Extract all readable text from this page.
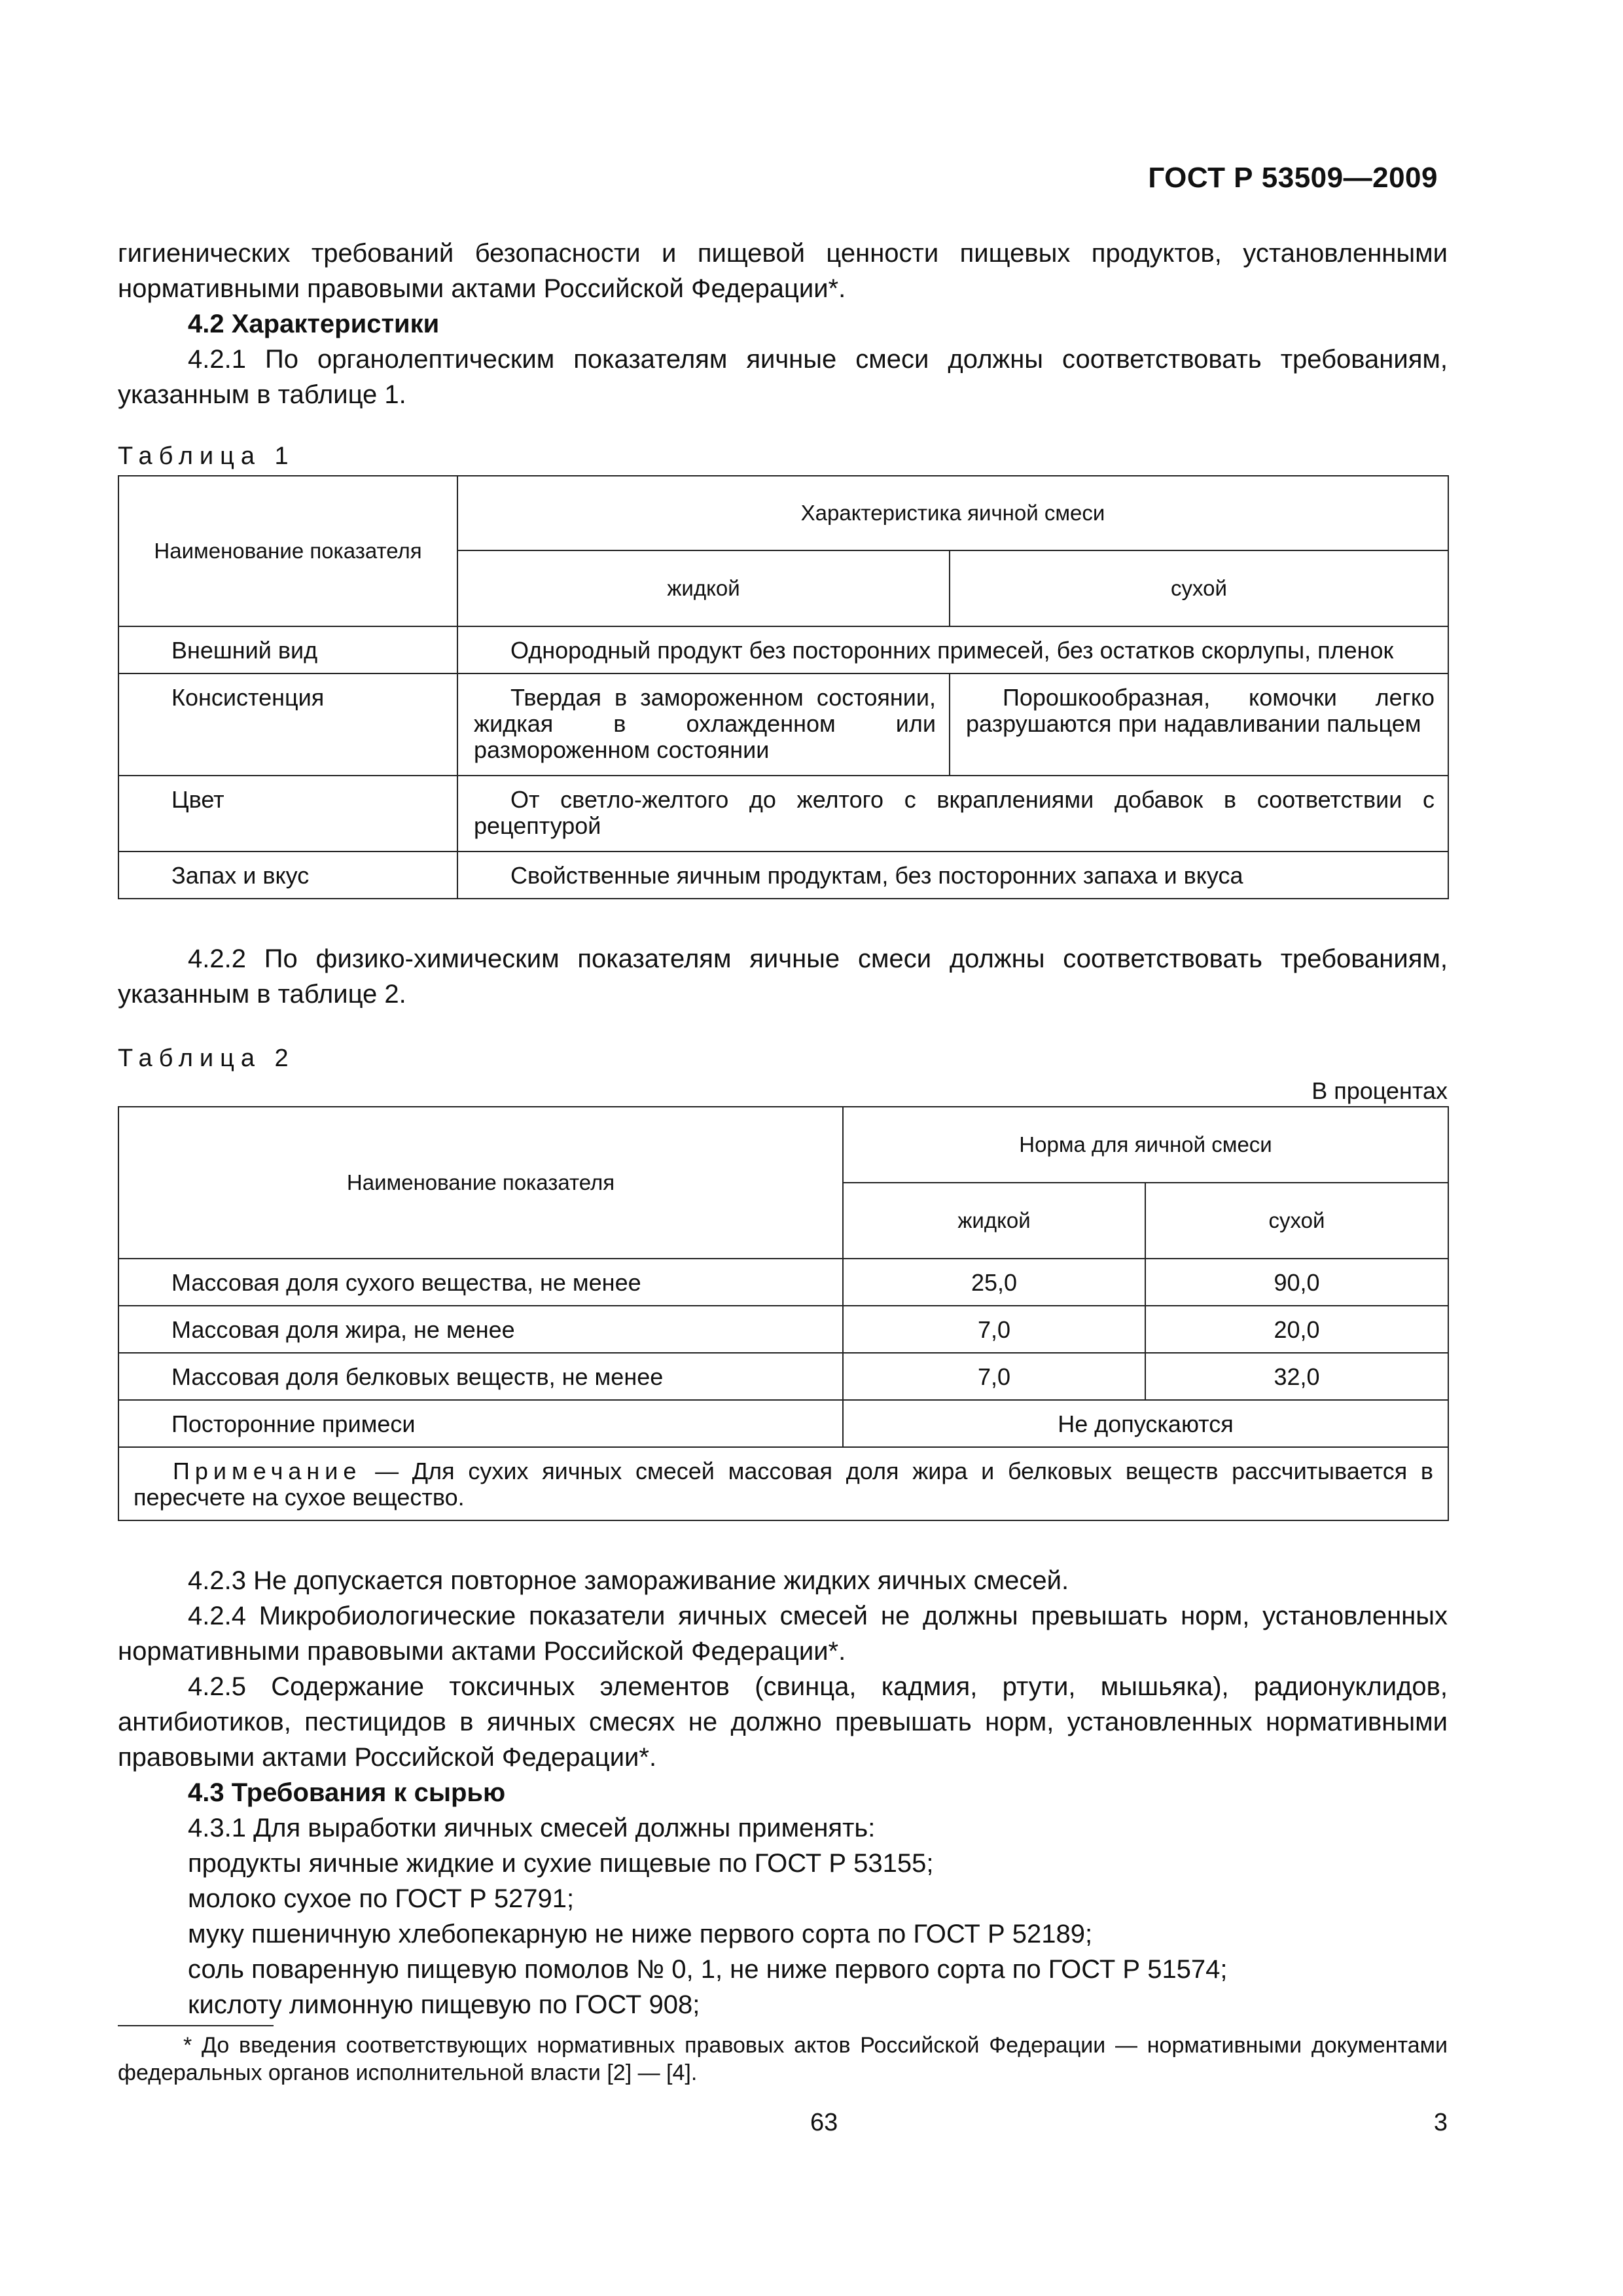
ГОСТ Р 53509—2009

гигиенических требований безопасности и пищевой ценности пищевых продуктов, установленными нормативными правовыми актами Российской Федерации*.

4.2 Характеристики

4.2.1 По органолептическим показателям яичные смеси должны соответствовать требованиям, указанным в таблице 1.

Таблица 1

Наименование показателя	Характеристика яичной смеси	
	жидкой	сухой
Внешний вид	Однородный продукт без посторонних примесей, без остатков скорлупы, пленок	
Консистенция	Твердая в замороженном состоянии, жидкая в охлажденном или размороженном состоянии	Порошкообразная, комочки легко разрушаются при надавливании пальцем
Цвет	От светло-желтого до желтого с вкраплениями добавок в соответствии с рецептурой	
Запах и вкус	Свойственные яичным продуктам, без посторонних запаха и вкуса	

4.2.2 По физико-химическим показателям яичные смеси должны соответствовать требованиям, указанным в таблице 2.

Таблица 2

В процентах

Наименование показателя	Норма для яичной смеси	
	жидкой	сухой
Массовая доля сухого вещества, не менее	25,0	90,0
Массовая доля жира, не менее	7,0	20,0
Массовая доля белковых веществ, не менее	7,0	32,0
Посторонние примеси	Не допускаются	
Примечание — Для сухих яичных смесей массовая доля жира и белковых веществ рассчитывается в пересчете на сухое вещество.		

4.2.3 Не допускается повторное замораживание жидких яичных смесей.

4.2.4 Микробиологические показатели яичных смесей не должны превышать норм, установленных нормативными правовыми актами Российской Федерации*.

4.2.5 Содержание токсичных элементов (свинца, кадмия, ртути, мышьяка), радионуклидов, антибиотиков, пестицидов в яичных смесях не должно превышать норм, установленных нормативными правовыми актами Российской Федерации*.

4.3 Требования к сырью

4.3.1 Для выработки яичных смесей должны применять:

продукты яичные жидкие и сухие пищевые по ГОСТ Р 53155;

молоко сухое по ГОСТ Р 52791;

муку пшеничную хлебопекарную не ниже первого сорта по ГОСТ Р 52189;

соль поваренную пищевую помолов № 0, 1, не ниже первого сорта по ГОСТ Р 51574;

кислоту лимонную пищевую по ГОСТ 908;

* До введения соответствующих нормативных правовых актов Российской Федерации — нормативными документами федеральных органов исполнительной власти [2] — [4].

63	3
